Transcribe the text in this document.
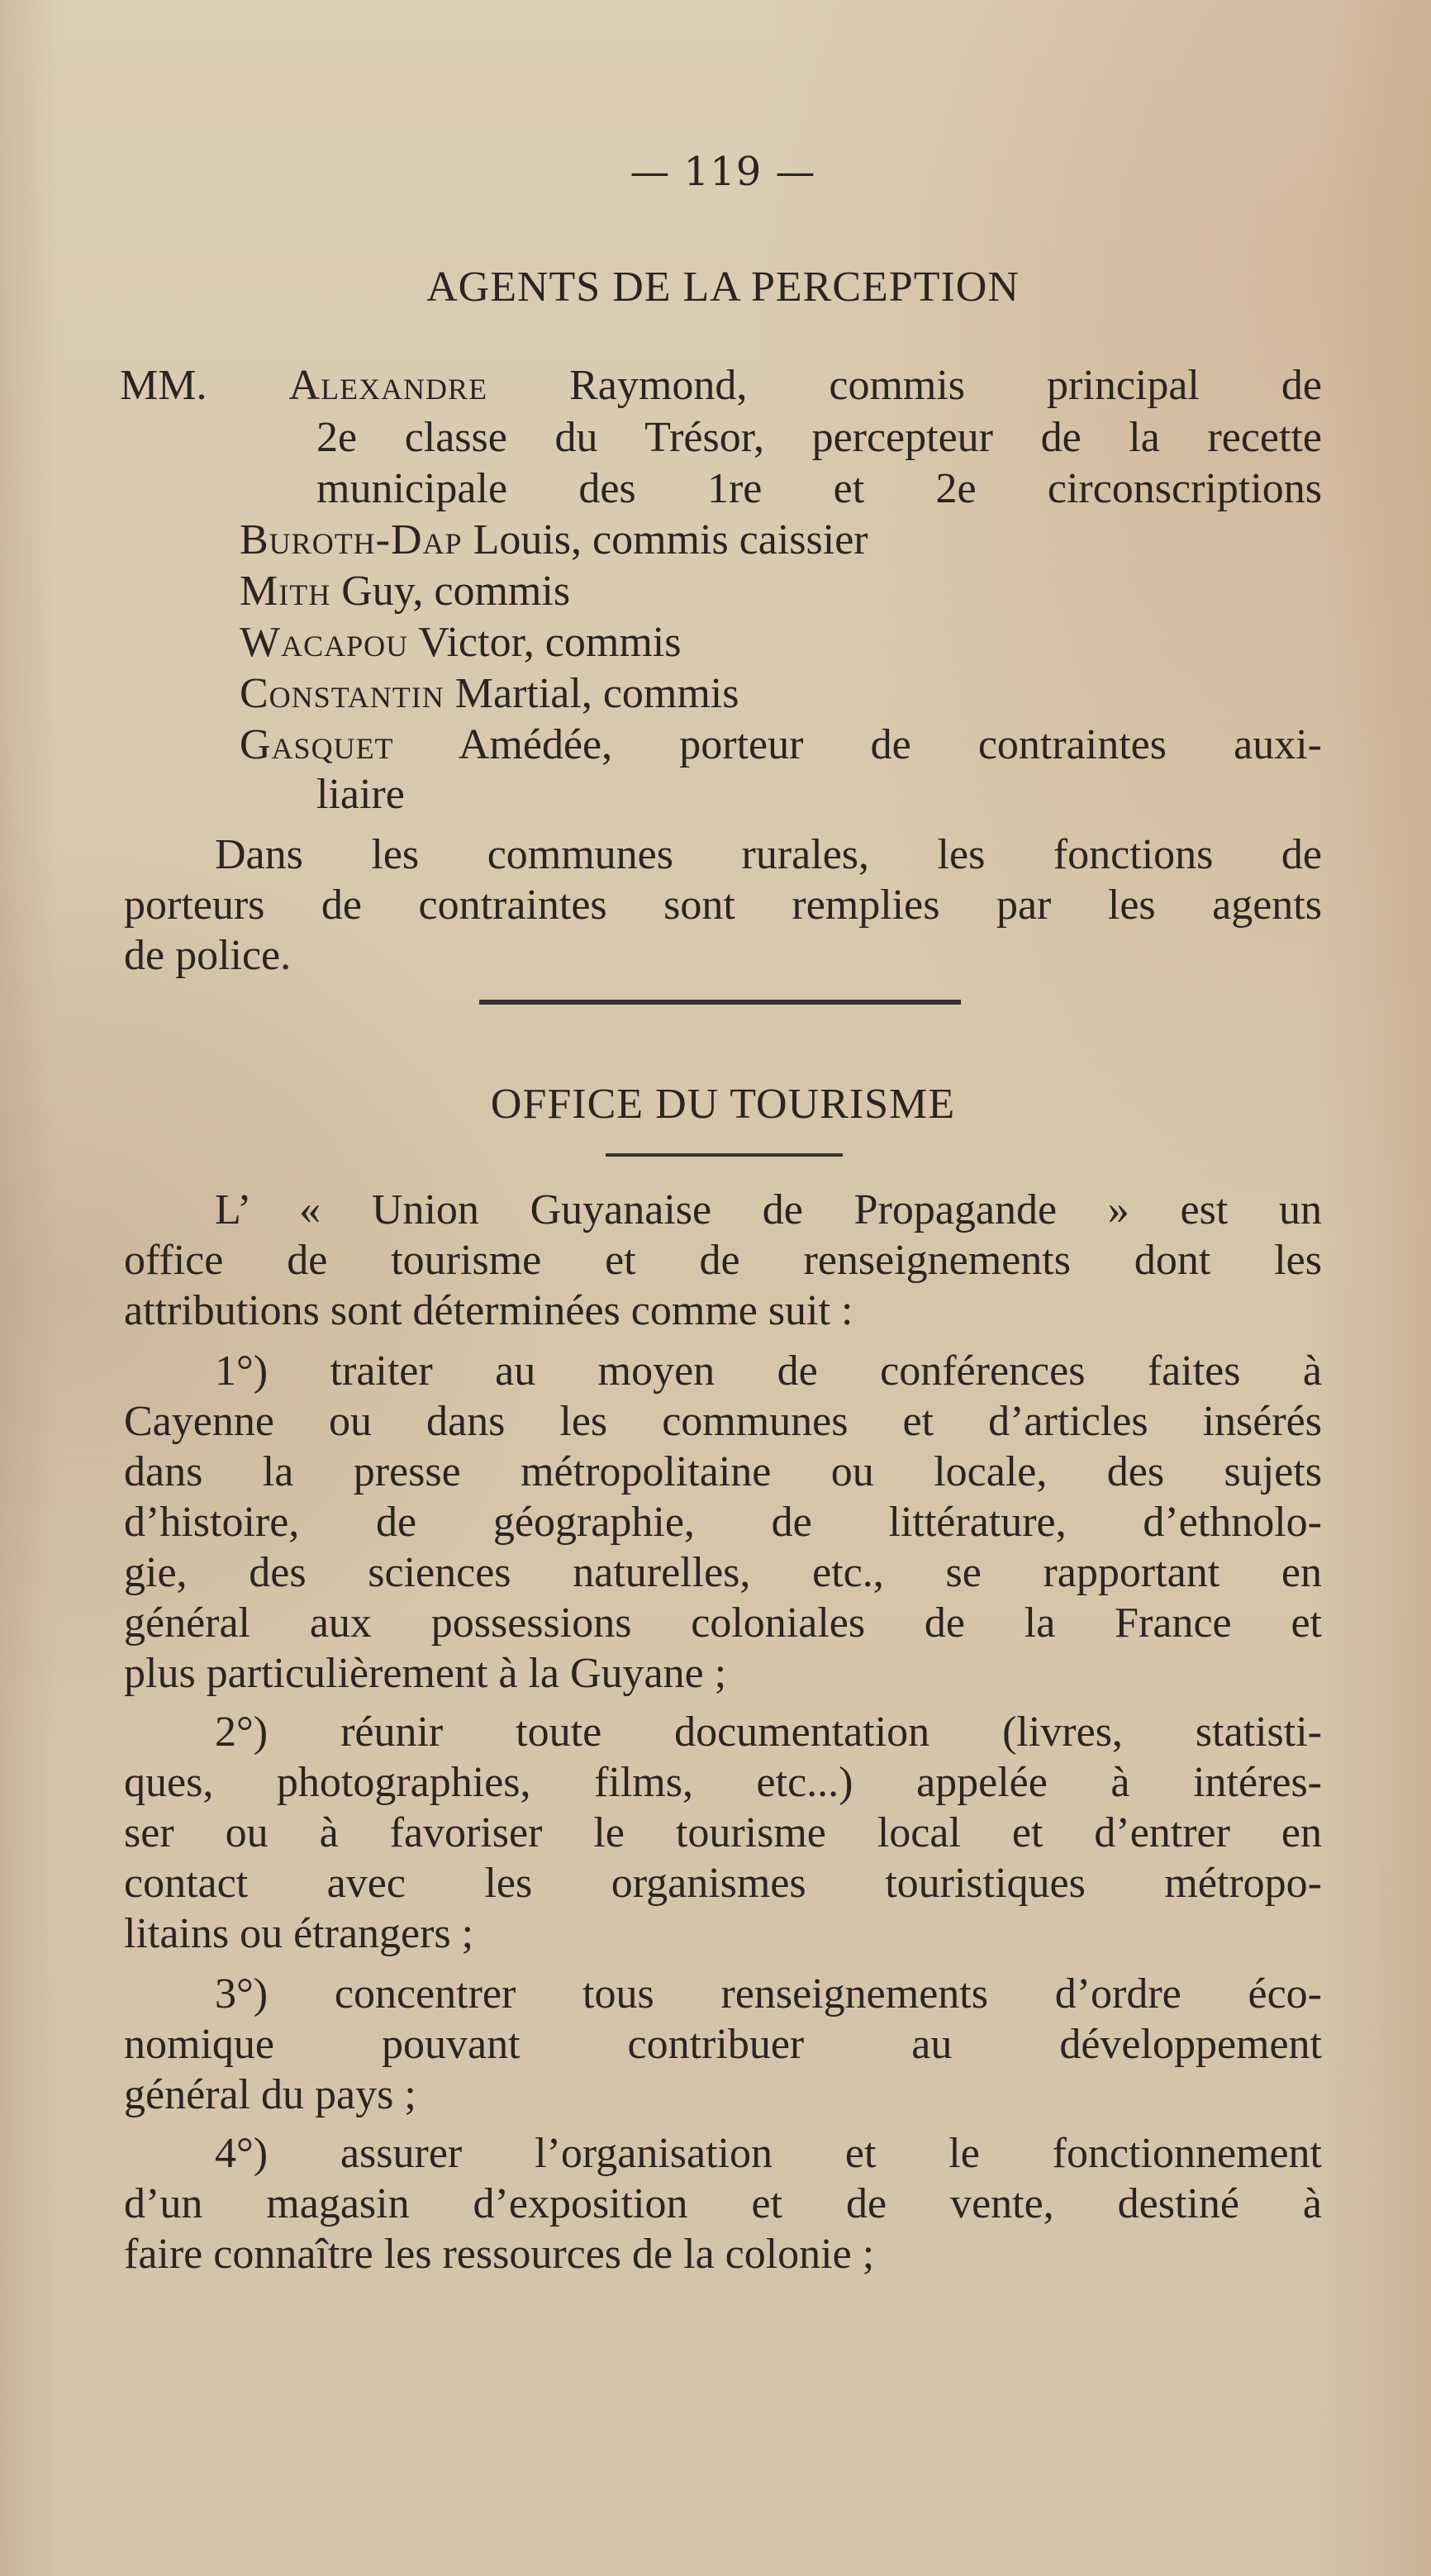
— 119 —
AGENTS DE LA PERCEPTION
MM. Alexandre Raymond, commis principal de
2e classe du Trésor, percepteur de la recette
municipale des 1re et 2e circonscriptions
Buroth-Dap Louis, commis caissier
Mith Guy, commis
Wacapou Victor, commis
Constantin Martial, commis
Gasquet Amédée, porteur de contraintes auxi-
liaire
Dans les communes rurales, les fonctions de
porteurs de contraintes sont remplies par les agents
de police.
OFFICE DU TOURISME
L’ « Union Guyanaise de Propagande » est un
office de tourisme et de renseignements dont les
attributions sont déterminées comme suit :
1°) traiter au moyen de conférences faites à
Cayenne ou dans les communes et d’articles insérés
dans la presse métropolitaine ou locale, des sujets
d’histoire, de géographie, de littérature, d’ethnolo-
gie, des sciences naturelles, etc., se rapportant en
général aux possessions coloniales de la France et
plus particulièrement à la Guyane ;
2°) réunir toute documentation (livres, statisti-
ques, photographies, films, etc...) appelée à intéres-
ser ou à favoriser le tourisme local et d’entrer en
contact avec les organismes touristiques métropo-
litains ou étrangers ;
3°) concentrer tous renseignements d’ordre éco-
nomique pouvant contribuer au développement
général du pays ;
4°) assurer l’organisation et le fonctionnement
d’un magasin d’exposition et de vente, destiné à
faire connaître les ressources de la colonie ;
